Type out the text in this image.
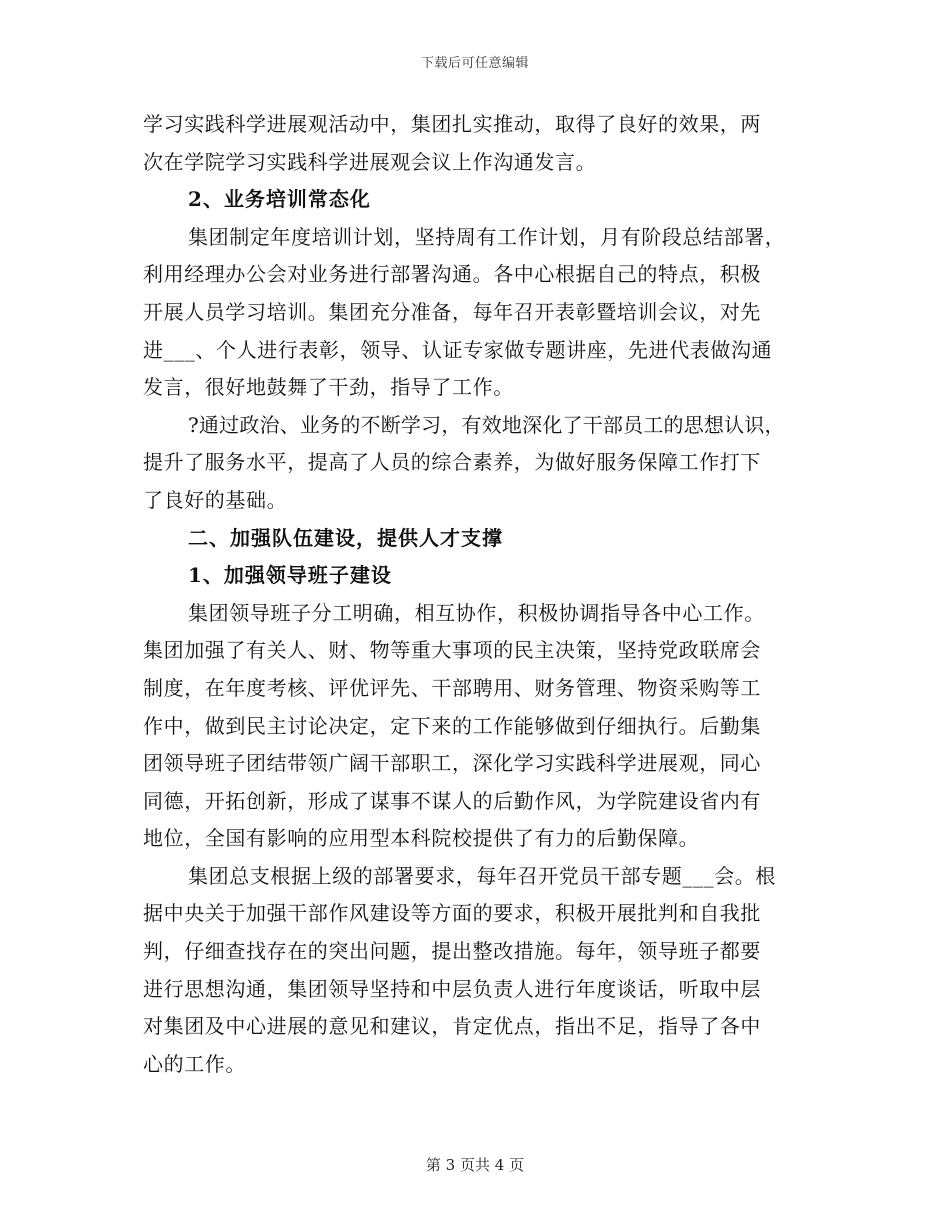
下载后可任意编辑
学习实践科学进展观活动中，集团扎实推动，取得了良好的效果，两
次在学院学习实践科学进展观会议上作沟通发言。
2、业务培训常态化
集团制定年度培训计划，坚持周有工作计划，月有阶段总结部署，
利用经理办公会对业务进行部署沟通。各中心根据自己的特点，积极
开展人员学习培训。集团充分准备，每年召开表彰暨培训会议，对先
进___、个人进行表彰，领导、认证专家做专题讲座，先进代表做沟通
发言，很好地鼓舞了干劲，指导了工作。
?通过政治、业务的不断学习，有效地深化了干部员工的思想认识，
提升了服务水平，提高了人员的综合素养，为做好服务保障工作打下
了良好的基础。
二、加强队伍建设，提供人才支撑
1、加强领导班子建设
集团领导班子分工明确，相互协作，积极协调指导各中心工作。
集团加强了有关人、财、物等重大事项的民主决策，坚持党政联席会
制度，在年度考核、评优评先、干部聘用、财务管理、物资采购等工
作中，做到民主讨论决定，定下来的工作能够做到仔细执行。后勤集
团领导班子团结带领广阔干部职工，深化学习实践科学进展观，同心
同德，开拓创新，形成了谋事不谋人的后勤作风，为学院建设省内有
地位，全国有影响的应用型本科院校提供了有力的后勤保障。
集团总支根据上级的部署要求，每年召开党员干部专题___会。根
据中央关于加强干部作风建设等方面的要求，积极开展批判和自我批
判，仔细查找存在的突出问题，提出整改措施。每年，领导班子都要
进行思想沟通，集团领导坚持和中层负责人进行年度谈话，听取中层
对集团及中心进展的意见和建议，肯定优点，指出不足，指导了各中
心的工作。
第 3 页共 4 页
